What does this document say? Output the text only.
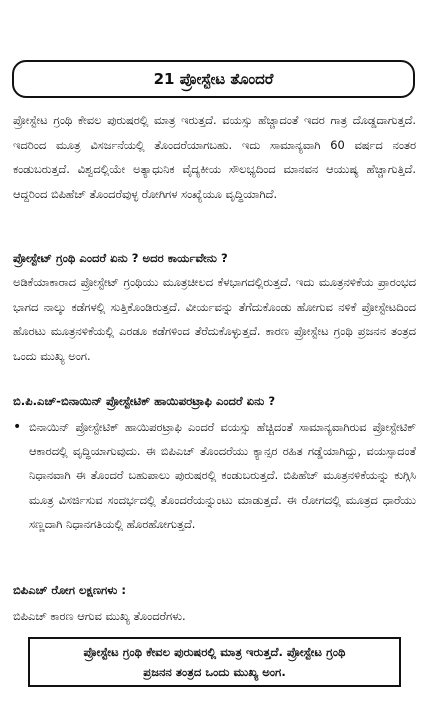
21 ಪ್ರೋಸ್ಟೇಟ ತೊಂದರೆ

ಪ್ರೋಸ್ಟೇಟ ಗ್ರಂಥಿ ಕೇವಲ ಪುರುಷರಲ್ಲಿ ಮಾತ್ರ ಇರುತ್ತದೆ. ವಯಸ್ಸು ಹೆಚ್ಚಾದಂತೆ ಇದರ ಗಾತ್ರ ದೊಡ್ಡದಾಗುತ್ತದೆ. ಇದರಿಂದ ಮೂತ್ರ ವಿಸರ್ಜನೆಯಲ್ಲಿ ತೊಂದರೆಯಾಗಬಹು. ಇದು ಸಾಮಾನ್ಯವಾಗಿ 60 ವರ್ಷದ ನಂತರ ಕಂಡುಬರುತ್ತದೆ. ವಿಶ್ವದಲ್ಲಿಯೇ ಅತ್ಯಾಧುನಿಕ ವೈದ್ಯಕೀಯ ಸೌಲಭ್ಯದಿಂದ ಮಾನವನ ಆಯುಷ್ಯ ಹೆಚ್ಚಾಗುತ್ತಿದೆ. ಆದ್ದರಿಂದ ಬಿಪಿಹೆಚ್ ತೊಂದರೆವುಳ್ಳ ರೋಗಿಗಳ ಸಂಖ್ಯೆಯೂ ವೃದ್ಧಿಯಾಗಿದೆ.

ಪ್ರೋಸ್ಟೇಟ್ ಗ್ರಂಥಿ ಎಂದರೆ ಏನು ? ಅದರ ಕಾರ್ಯವೇನು ?

ಅಡಿಕೆಯಾಕಾರಾದ ಪ್ರೋಸ್ಟೇಟ್ ಗ್ರಂಥಿಯು ಮೂತ್ರಚೀಲದ ಕೆಳಭಾಗದಲ್ಲಿರುತ್ತದೆ. ಇದು ಮೂತ್ರನಳಿಕೆಯ ಪ್ರಾರಂಭದ ಭಾಗದ ನಾಲ್ಕು ಕಡೆಗಳಲ್ಲಿ ಸುತ್ತಿಕೊಂಡಿರುತ್ತದೆ. ವೀರ್ಯವನ್ನು ತೆಗೆದುಕೊಂಡು ಹೋಗುವ ನಳಿಕೆ ಪ್ರೋಸ್ಟೇಟದಿಂದ ಹೊರಟು ಮೂತ್ರನಳಿಕೆಯಲ್ಲಿ ಎರಡೂ ಕಡೆಗಳಿಂದ ತೆರೆದುಕೊಳ್ಳುತ್ತದೆ. ಕಾರಣ ಪ್ರೋಸ್ಟೇಟ ಗ್ರಂಥಿ ಪ್ರಜನನ ತಂತ್ರದ ಒಂದು ಮುಖ್ಯ ಅಂಗ.

ಬಿ.ಪಿ.ಎಚ್-ಬಿನಾಯಿನ್ ಪ್ರೋಸ್ಟೇಟಿಕ್ ಹಾಯಿಪರಟ್ರಾಫಿ ಎಂದರೆ ಏನು ?

• ಬಿನಾಯಿನ್ ಪ್ರೋಸ್ಟೇಟಿಕ್ ಹಾಯಿಪರಟ್ರಾಫಿ ಎಂದರೆ ವಯಸ್ಸು ಹೆಚ್ಚಿದಂತೆ ಸಾಮಾನ್ಯವಾಗಿರುವ ಪ್ರೋಸ್ಟೇಟಿಕ್ ಆಕಾರದಲ್ಲಿ ವೃದ್ಧಿಯಾಗುವುದು. ಈ ಬಿಪಿಎಚ್ ತೊಂದರೆಯು ಕ್ಯಾನ್ಸರ ರಹಿತ ಗಡ್ಡೆಯಾಗಿದ್ದು, ವಯಸ್ಸಾದಂತೆ ನಿಧಾನವಾಗಿ ಈ ತೊಂದರೆ ಬಹುಪಾಲು ಪುರುಷರಲ್ಲಿ ಕಂಡುಬರುತ್ತದೆ. ಬಿಪಿಹೆಚ್ ಮೂತ್ರನಳಿಕೆಯನ್ನು ಕುಗ್ಗಿಸಿ ಮೂತ್ರ ವಿಸರ್ಜಿಸುವ ಸಂದರ್ಭದಲ್ಲಿ ತೊಂದರೆಯನ್ನುಂಟು ಮಾಡುತ್ತದೆ. ಈ ರೋಗದಲ್ಲಿ ಮೂತ್ರದ ಧಾರೆಯು ಸಣ್ಣದಾಗಿ ನಿಧಾನಗತಿಯಲ್ಲಿ ಹೊರಹೋಗುತ್ತದೆ.

ಬಿಪಿಎಚ್ ರೋಗ ಲಕ್ಷಣಗಳು :

ಬಿಪಿಎಚ್ ಕಾರಣ ಆಗುವ ಮುಖ್ಯ ತೊಂದರೆಗಳು.

ಪ್ರೋಸ್ಟೇಟ ಗ್ರಂಥಿ ಕೇವಲ ಪುರುಷರಲ್ಲಿ ಮಾತ್ರ ಇರುತ್ತದೆ. ಪ್ರೋಸ್ಟೇಟ ಗ್ರಂಥಿ
ಪ್ರಜನನ ತಂತ್ರದ ಒಂದು ಮುಖ್ಯ ಅಂಗ.
